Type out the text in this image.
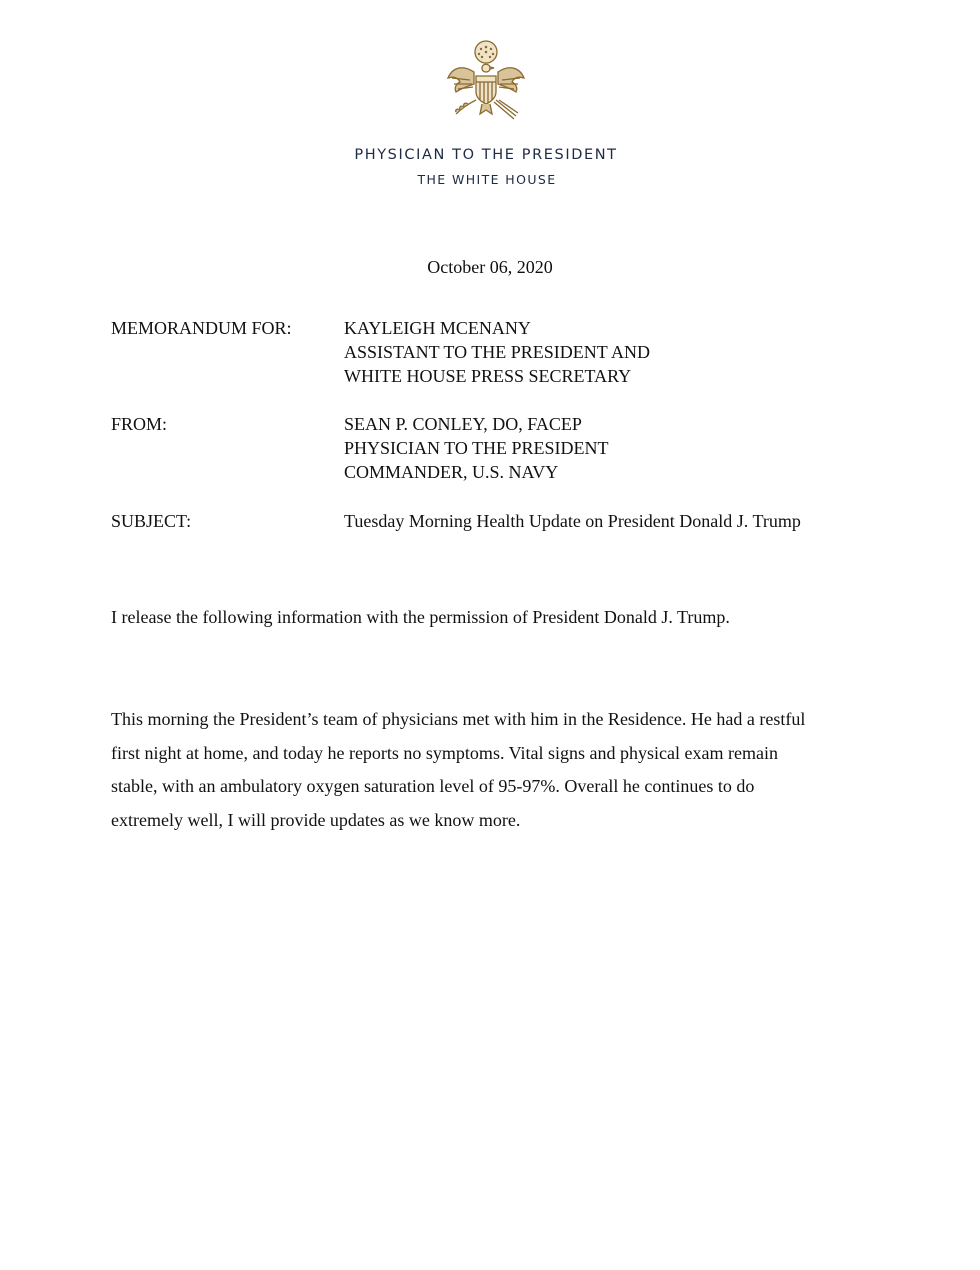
PHYSICIAN TO THE PRESIDENT
THE WHITE HOUSE
October 06, 2020
MEMORANDUM FOR:	KAYLEIGH MCENANY
ASSISTANT TO THE PRESIDENT AND
WHITE HOUSE PRESS SECRETARY
FROM:	SEAN P. CONLEY, DO, FACEP
PHYSICIAN TO THE PRESIDENT
COMMANDER, U.S. NAVY
SUBJECT:	Tuesday Morning Health Update on President Donald J. Trump
I release the following information with the permission of President Donald J. Trump.
This morning the President’s team of physicians met with him in the Residence. He had a restful
first night at home, and today he reports no symptoms. Vital signs and physical exam remain
stable, with an ambulatory oxygen saturation level of 95-97%. Overall he continues to do
extremely well, I will provide updates as we know more.
